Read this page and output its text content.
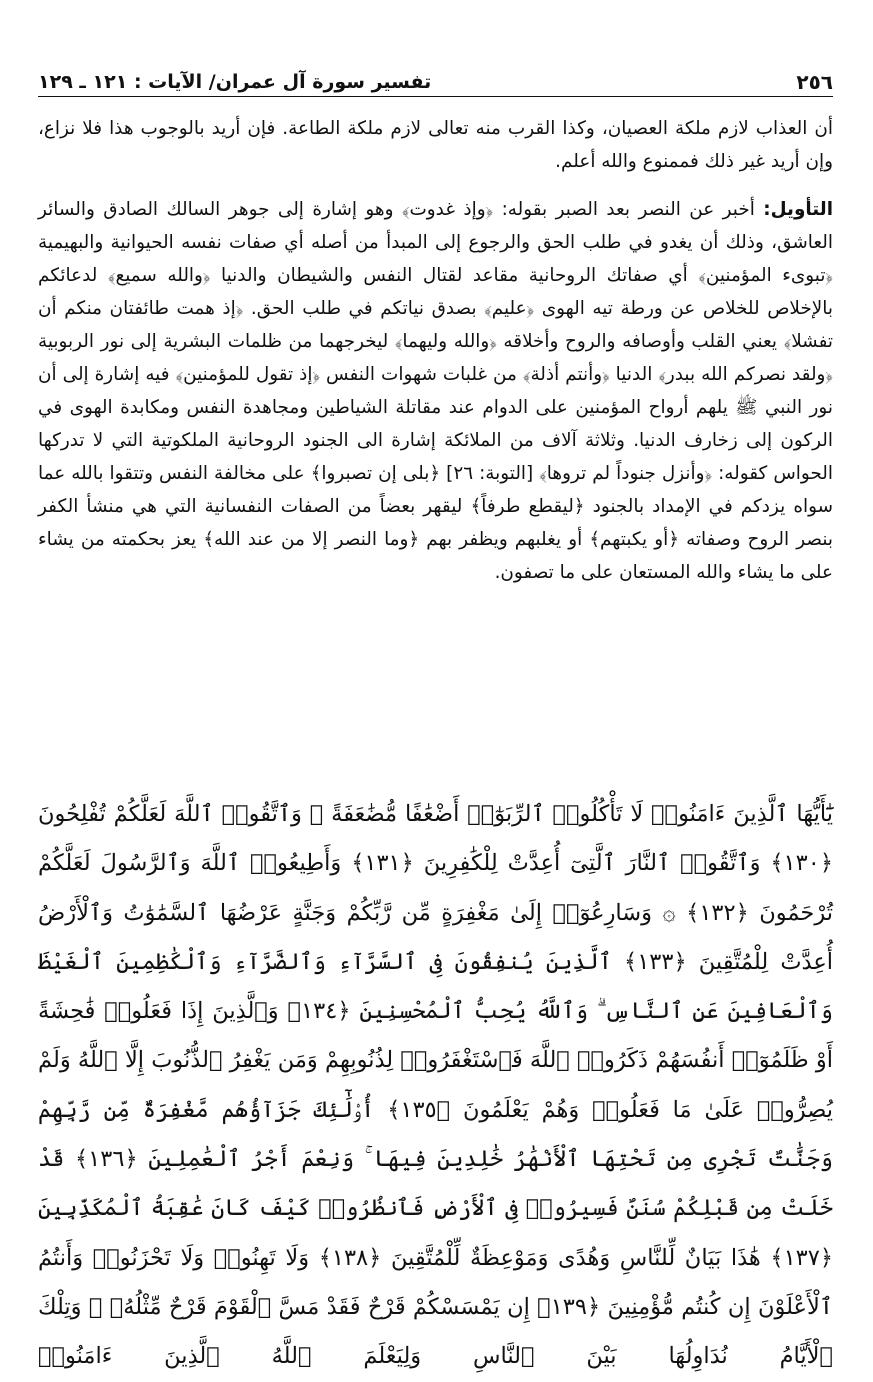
٢٥٦
تفسير سورة آل عمران/ الآيات : ١٢١ ـ ١٢٩

أن العذاب لازم ملكة العصيان، وكذا القرب منه تعالى لازم ملكة الطاعة. فإن أريد بالوجوب هذا فلا نزاع، وإن أريد غير ذلك فممنوع والله أعلم.

التأويل: أخبر عن النصر بعد الصبر بقوله: ﴿وإذ غدوت﴾ وهو إشارة إلى جوهر السالك الصادق والسائر العاشق، وذلك أن يغدو في طلب الحق والرجوع إلى المبدأ من أصله أي صفات نفسه الحيوانية والبهيمية ﴿تبوىء المؤمنين﴾ أي صفاتك الروحانية مقاعد لقتال النفس والشيطان والدنيا ﴿والله سميع﴾ لدعائكم بالإخلاص للخلاص عن ورطة تيه الهوى ﴿عليم﴾ بصدق نياتكم في طلب الحق. ﴿إذ همت طائفتان منكم أن تفشلا﴾ يعني القلب وأوصافه والروح وأخلاقه ﴿والله وليهما﴾ ليخرجهما من ظلمات البشرية إلى نور الربوبية ﴿ولقد نصركم الله ببدر﴾ الدنيا ﴿وأنتم أذلة﴾ من غلبات شهوات النفس ﴿إذ تقول للمؤمنين﴾ فيه إشارة إلى أن نور النبي ﷺ يلهم أرواح المؤمنين على الدوام عند مقاتلة الشياطين ومجاهدة النفس ومكابدة الهوى في الركون إلى زخارف الدنيا. وثلاثة آلاف من الملائكة إشارة الى الجنود الروحانية الملكوتية التي لا تدركها الحواس كقوله: ﴿وأنزل جنوداً لم تروها﴾ [التوبة: ٢٦] ﴿بلى إن تصبروا﴾ على مخالفة النفس وتتقوا بالله عما سواه يزدكم في الإمداد بالجنود ﴿ليقطع طرفاً﴾ ليقهر بعضاً من الصفات النفسانية التي هي منشأ الكفر بنصر الروح وصفاته ﴿أو يكبتهم﴾ أو يغلبهم ويظفر بهم ﴿وما النصر إلا من عند الله﴾ يعز بحكمته من يشاء على ما يشاء والله المستعان على ما تصفون.

يَٰٓأَيُّهَا ٱلَّذِينَ ءَامَنُوا۟ لَا تَأْكُلُوا۟ ٱلرِّبَوٰٓا۟ أَضْعَٰفًا مُّضَٰعَفَةً ۖ وَٱتَّقُوا۟ ٱللَّهَ لَعَلَّكُمْ تُفْلِحُونَ ﴿١٣٠﴾ وَٱتَّقُوا۟ ٱلنَّارَ ٱلَّتِىٓ أُعِدَّتْ لِلْكَٰفِرِينَ ﴿١٣١﴾ وَأَطِيعُوا۟ ٱللَّهَ وَٱلرَّسُولَ لَعَلَّكُمْ تُرْحَمُونَ ﴿١٣٢﴾ ۞ وَسَارِعُوٓا۟ إِلَىٰ مَغْفِرَةٍ مِّن رَّبِّكُمْ وَجَنَّةٍ عَرْضُهَا ٱلسَّمَٰوَٰتُ وَٱلْأَرْضُ أُعِدَّتْ لِلْمُتَّقِينَ ﴿١٣٣﴾ ٱلَّذِينَ يُنفِقُونَ فِى ٱلسَّرَّآءِ وَٱلضَّرَّآءِ وَٱلْكَٰظِمِينَ ٱلْغَيْظَ وَٱلْعَافِينَ عَنِ ٱلنَّاسِ ۗ وَٱللَّهُ يُحِبُّ ٱلْمُحْسِنِينَ ﴿١٣٤﴾ وَٱلَّذِينَ إِذَا فَعَلُوا۟ فَٰحِشَةً أَوْ ظَلَمُوٓا۟ أَنفُسَهُمْ ذَكَرُوا۟ ٱللَّهَ فَٱسْتَغْفَرُوا۟ لِذُنُوبِهِمْ وَمَن يَغْفِرُ ٱلذُّنُوبَ إِلَّا ٱللَّهُ وَلَمْ يُصِرُّوا۟ عَلَىٰ مَا فَعَلُوا۟ وَهُمْ يَعْلَمُونَ ﴿١٣٥﴾ أُو۟لَٰٓئِكَ جَزَآؤُهُم مَّغْفِرَةٌ مِّن رَّبِّهِمْ وَجَنَّٰتٌ تَجْرِى مِن تَحْتِهَا ٱلْأَنْهَٰرُ خَٰلِدِينَ فِيهَا ۚ وَنِعْمَ أَجْرُ ٱلْعَٰمِلِينَ ﴿١٣٦﴾ قَدْ خَلَتْ مِن قَبْلِكُمْ سُنَنٌ فَسِيرُوا۟ فِى ٱلْأَرْضِ فَٱنظُرُوا۟ كَيْفَ كَانَ عَٰقِبَةُ ٱلْمُكَذِّبِينَ ﴿١٣٧﴾ هَٰذَا بَيَانٌ لِّلنَّاسِ وَهُدًى وَمَوْعِظَةٌ لِّلْمُتَّقِينَ ﴿١٣٨﴾ وَلَا تَهِنُوا۟ وَلَا تَحْزَنُوا۟ وَأَنتُمُ ٱلْأَعْلَوْنَ إِن كُنتُم مُّؤْمِنِينَ ﴿١٣٩﴾ إِن يَمْسَسْكُمْ قَرْحٌ فَقَدْ مَسَّ ٱلْقَوْمَ قَرْحٌ مِّثْلُهُۥ ۚ وَتِلْكَ ٱلْأَيَّامُ نُدَاوِلُهَا بَيْنَ ٱلنَّاسِ وَلِيَعْلَمَ ٱللَّهُ ٱلَّذِينَ ءَامَنُوا۟
